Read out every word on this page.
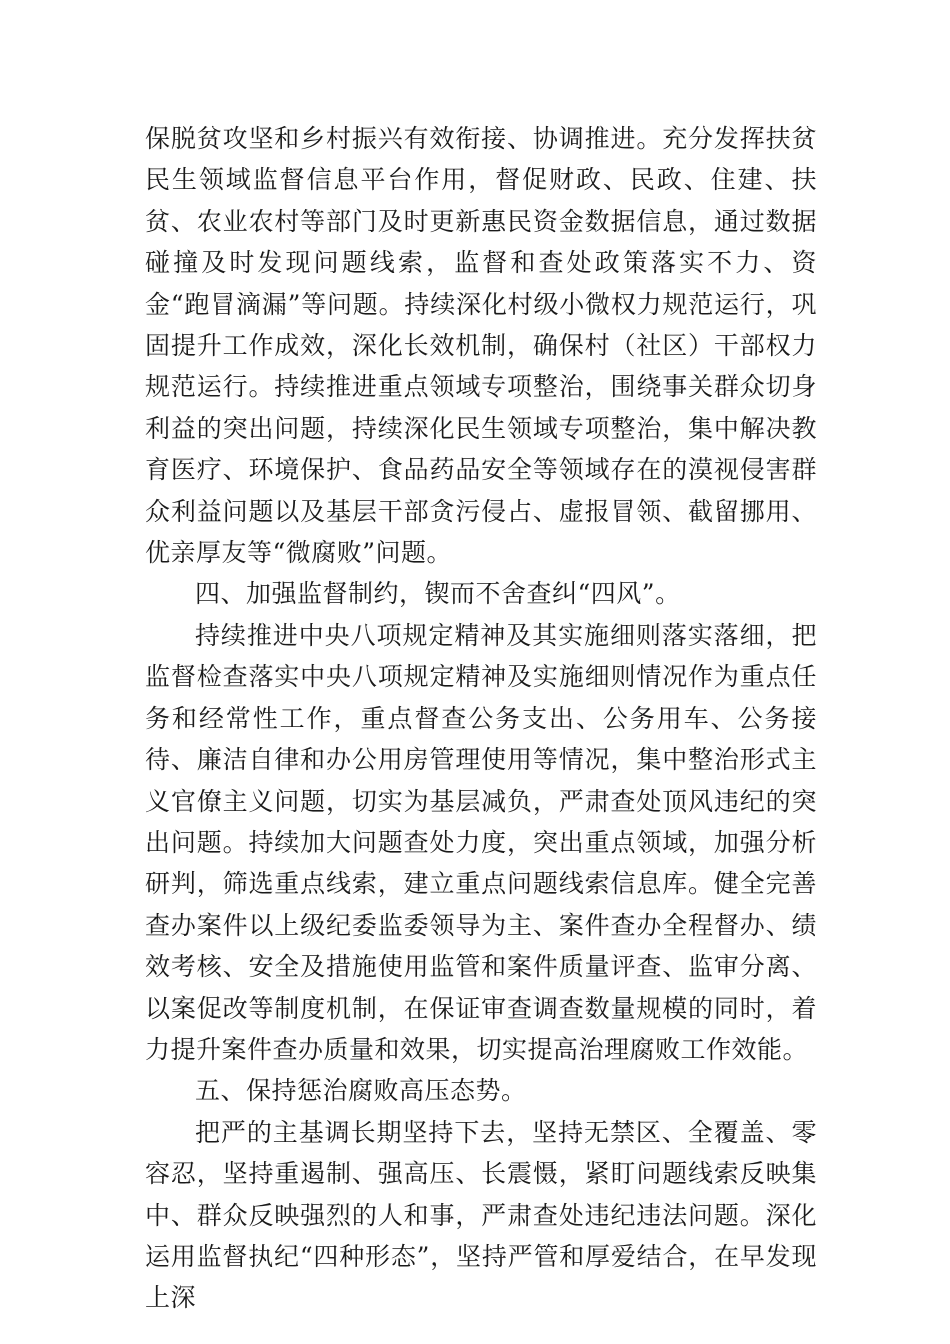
保脱贫攻坚和乡村振兴有效衔接、协调推进。充分发挥扶贫民生领域监督信息平台作用，督促财政、民政、住建、扶贫、农业农村等部门及时更新惠民资金数据信息，通过数据碰撞及时发现问题线索，监督和查处政策落实不力、资金“跑冒滴漏”等问题。持续深化村级小微权力规范运行，巩固提升工作成效，深化长效机制，确保村（社区）干部权力规范运行。持续推进重点领域专项整治，围绕事关群众切身利益的突出问题，持续深化民生领域专项整治，集中解决教育医疗、环境保护、食品药品安全等领域存在的漠视侵害群众利益问题以及基层干部贪污侵占、虚报冒领、截留挪用、优亲厚友等“微腐败”问题。

四、加强监督制约，锲而不舍查纠“四风”。

持续推进中央八项规定精神及其实施细则落实落细，把监督检查落实中央八项规定精神及实施细则情况作为重点任务和经常性工作，重点督查公务支出、公务用车、公务接待、廉洁自律和办公用房管理使用等情况，集中整治形式主义官僚主义问题，切实为基层减负，严肃查处顶风违纪的突出问题。持续加大问题查处力度，突出重点领域，加强分析研判，筛选重点线索，建立重点问题线索信息库。健全完善查办案件以上级纪委监委领导为主、案件查办全程督办、绩效考核、安全及措施使用监管和案件质量评查、监审分离、以案促改等制度机制，在保证审查调查数量规模的同时，着力提升案件查办质量和效果，切实提高治理腐败工作效能。

五、保持惩治腐败高压态势。

把严的主基调长期坚持下去，坚持无禁区、全覆盖、零容忍，坚持重遏制、强高压、长震慑，紧盯问题线索反映集中、群众反映强烈的人和事，严肃查处违纪违法问题。深化运用监督执纪“四种形态”，坚持严管和厚爱结合，在早发现上深
